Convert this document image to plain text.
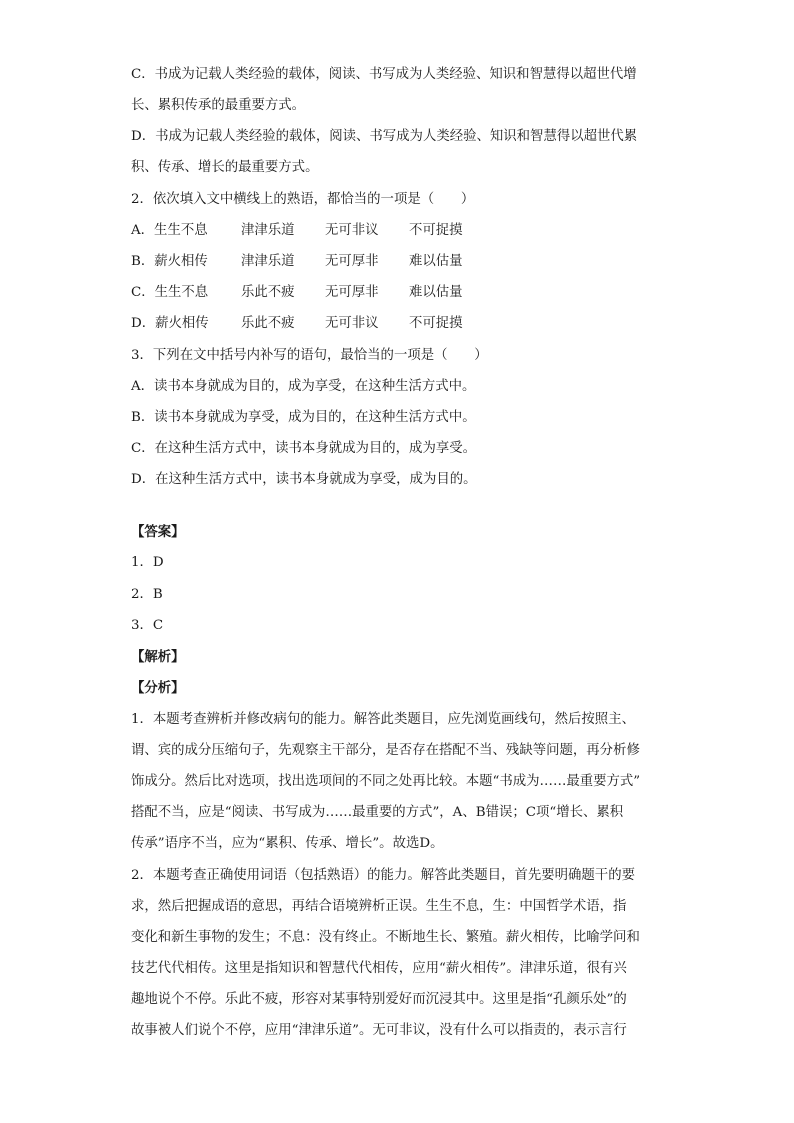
C．书成为记载人类经验的载体，阅读、书写成为人类经验、知识和智慧得以超世代增
长、累积传承的最重要方式。
D．书成为记载人类经验的载体，阅读、书写成为人类经验、知识和智慧得以超世代累
积、传承、增长的最重要方式。
2．依次填入文中横线上的熟语，都恰当的一项是（　　）
A．生生不息 津津乐道 无可非议 不可捉摸
B．薪火相传 津津乐道 无可厚非 难以估量
C．生生不息 乐此不疲 无可厚非 难以估量
D．薪火相传 乐此不疲 无可非议 不可捉摸
3．下列在文中括号内补写的语句，最恰当的一项是（　　）
A．读书本身就成为目的，成为享受，在这种生活方式中。
B．读书本身就成为享受，成为目的，在这种生活方式中。
C．在这种生活方式中，读书本身就成为目的，成为享受。
D．在这种生活方式中，读书本身就成为享受，成为目的。
【答案】
1．D
2．B
3．C
【解析】
【分析】
1．本题考查辨析并修改病句的能力。解答此类题目，应先浏览画线句，然后按照主、
谓、宾的成分压缩句子，先观察主干部分，是否存在搭配不当、残缺等问题，再分析修
饰成分。然后比对选项，找出选项间的不同之处再比较。本题“书成为……最重要方式”
搭配不当，应是“阅读、书写成为……最重要的方式”，A、B错误；C项“增长、累积
传承”语序不当，应为“累积、传承、增长”。故选D。
2．本题考查正确使用词语（包括熟语）的能力。解答此类题目，首先要明确题干的要
求，然后把握成语的意思，再结合语境辨析正误。生生不息，生：中国哲学术语，指
变化和新生事物的发生；不息：没有终止。不断地生长、繁殖。薪火相传，比喻学问和
技艺代代相传。这里是指知识和智慧代代相传，应用“薪火相传”。津津乐道，很有兴
趣地说个不停。乐此不疲，形容对某事特别爱好而沉浸其中。这里是指“孔颜乐处”的
故事被人们说个不停，应用“津津乐道”。无可非议，没有什么可以指责的，表示言行
